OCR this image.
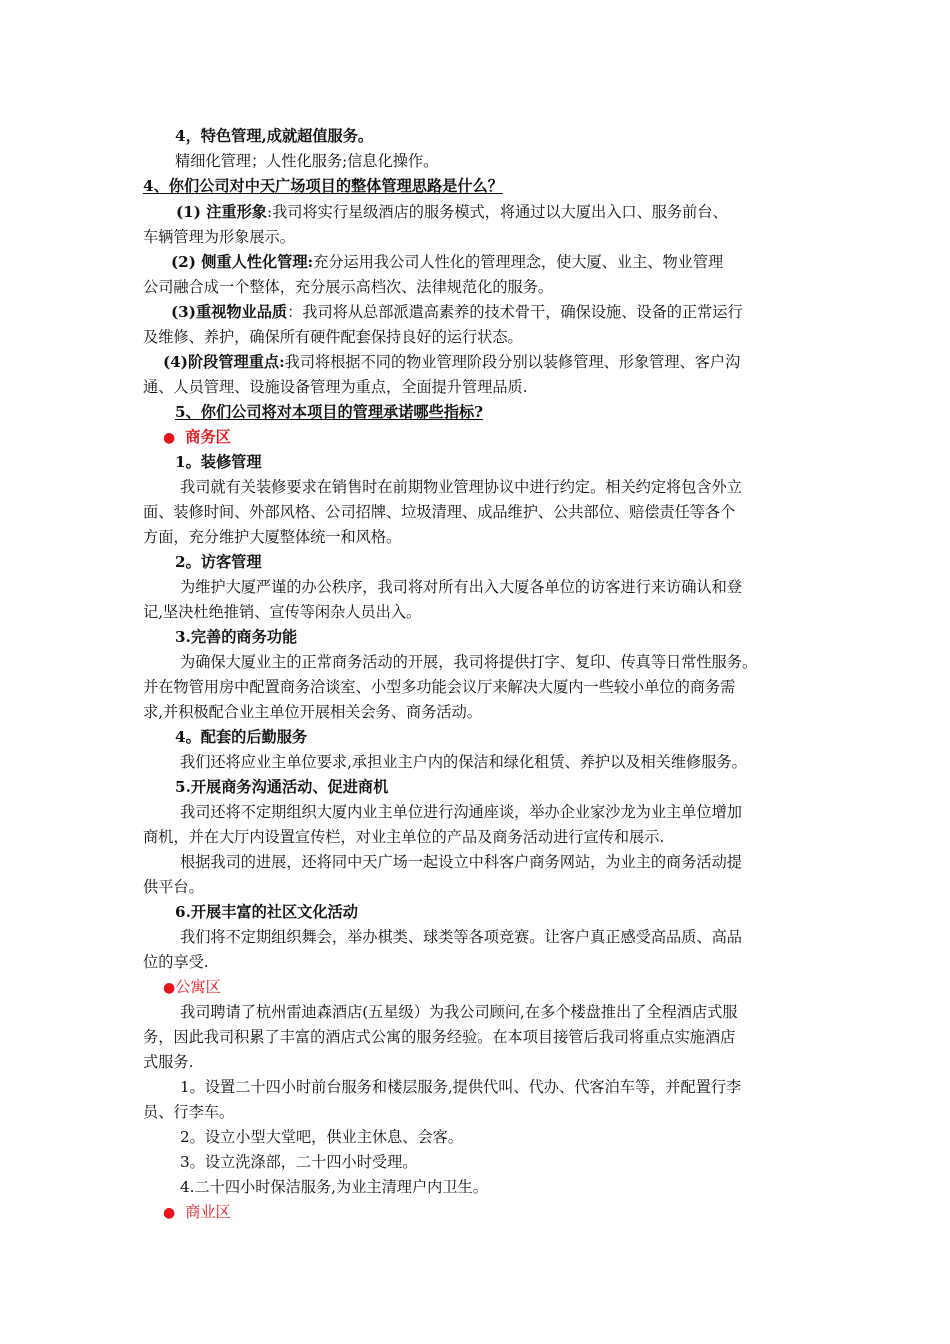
4，特色管理,成就超值服务。
精细化管理；人性化服务;信息化操作。
4、你们公司对中天广场项目的整体管理思路是什么？
(1) 注重形象:我司将实行星级酒店的服务模式，将通过以大厦出入口、服务前台、
车辆管理为形象展示。
(2) 侧重人性化管理:充分运用我公司人性化的管理理念，使大厦、业主、物业管理
公司融合成一个整体，充分展示高档次、法律规范化的服务。
(3)重视物业品质：我司将从总部派遣高素养的技术骨干，确保设施、设备的正常运行
及维修、养护，确保所有硬件配套保持良好的运行状态。
(4)阶段管理重点:我司将根据不同的物业管理阶段分别以装修管理、形象管理、客户沟
通、人员管理、设施设备管理为重点，全面提升管理品质.
5、你们公司将对本项目的管理承诺哪些指标?
● 商务区
1。装修管理
我司就有关装修要求在销售时在前期物业管理协议中进行约定。相关约定将包含外立
面、装修时间、外部风格、公司招牌、垃圾清理、成品维护、公共部位、赔偿责任等各个
方面，充分维护大厦整体统一和风格。
2。访客管理
为维护大厦严谨的办公秩序，我司将对所有出入大厦各单位的访客进行来访确认和登
记,坚决杜绝推销、宣传等闲杂人员出入。
3.完善的商务功能
为确保大厦业主的正常商务活动的开展，我司将提供打字、复印、传真等日常性服务。
并在物管用房中配置商务洽谈室、小型多功能会议厅来解决大厦内一些较小单位的商务需
求,并积极配合业主单位开展相关会务、商务活动。
4。配套的后勤服务
我们还将应业主单位要求,承担业主户内的保洁和绿化租赁、养护以及相关维修服务。
5.开展商务沟通活动、促进商机
我司还将不定期组织大厦内业主单位进行沟通座谈，举办企业家沙龙为业主单位增加
商机，并在大厅内设置宣传栏，对业主单位的产品及商务活动进行宣传和展示.
根据我司的进展，还将同中天广场一起设立中科客户商务网站，为业主的商务活动提
供平台。
6.开展丰富的社区文化活动
我们将不定期组织舞会，举办棋类、球类等各项竞赛。让客户真正感受高品质、高品
位的享受.
●公寓区
我司聘请了杭州雷迪森酒店(五星级）为我公司顾问,在多个楼盘推出了全程酒店式服
务，因此我司积累了丰富的酒店式公寓的服务经验。在本项目接管后我司将重点实施酒店
式服务.
1。设置二十四小时前台服务和楼层服务,提供代叫、代办、代客泊车等，并配置行李
员、行李车。
2。设立小型大堂吧，供业主休息、会客。
3。设立洗涤部，二十四小时受理。
4.二十四小时保洁服务,为业主清理户内卫生。
● 商业区
